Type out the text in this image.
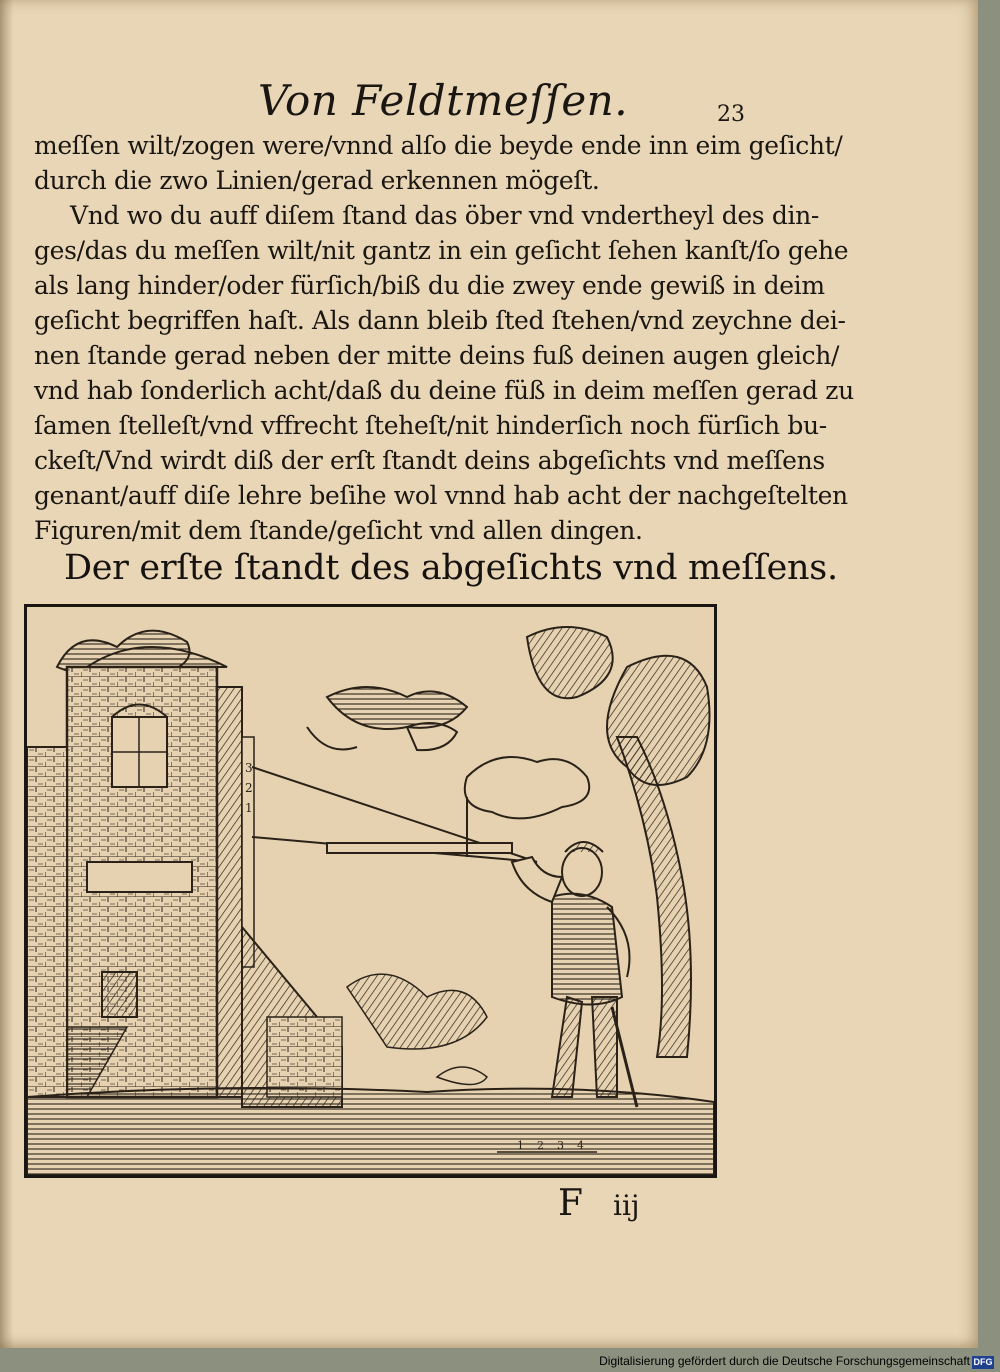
Von Feldtmeſſen.	23
meſſen wilt/zogen were/vnnd alſo die beyde ende inn eim geſicht/
durch die zwo Linien/gerad erkennen mögeſt.
Vnd wo du auff diſem ſtand das öber vnd vndertheyl des din-
ges/das du meſſen wilt/nit gantz in ein geſicht ſehen kanſt/ſo gehe
als lang hinder/oder fürſich/biß du die zwey ende gewiß in deim
geſicht begriffen haſt. Als dann bleib ſted ſtehen/vnd zeychne dei-
nen ſtande gerad neben der mitte deins fuß deinen augen gleich/
vnd hab ſonderlich acht/daß du deine füß in deim meſſen gerad zu
ſamen ſtelleſt/vnd vffrecht ſteheſt/nit hinderſich noch fürſich bu-
ckeſt/Vnd wirdt diß der erſt ſtandt deins abgeſichts vnd meſſens
genant/auff diſe lehre beſihe wol vnnd hab acht der nachgeſtelten
Figuren/mit dem ſtande/geſicht vnd allen dingen.
Der erſte ſtandt des abgeſichts vnd meſſens.
3
2
1
1 2 3 4
F iij
Digitalisierung gefördert durch die Deutsche Forschungsgemeinschaft DFG
